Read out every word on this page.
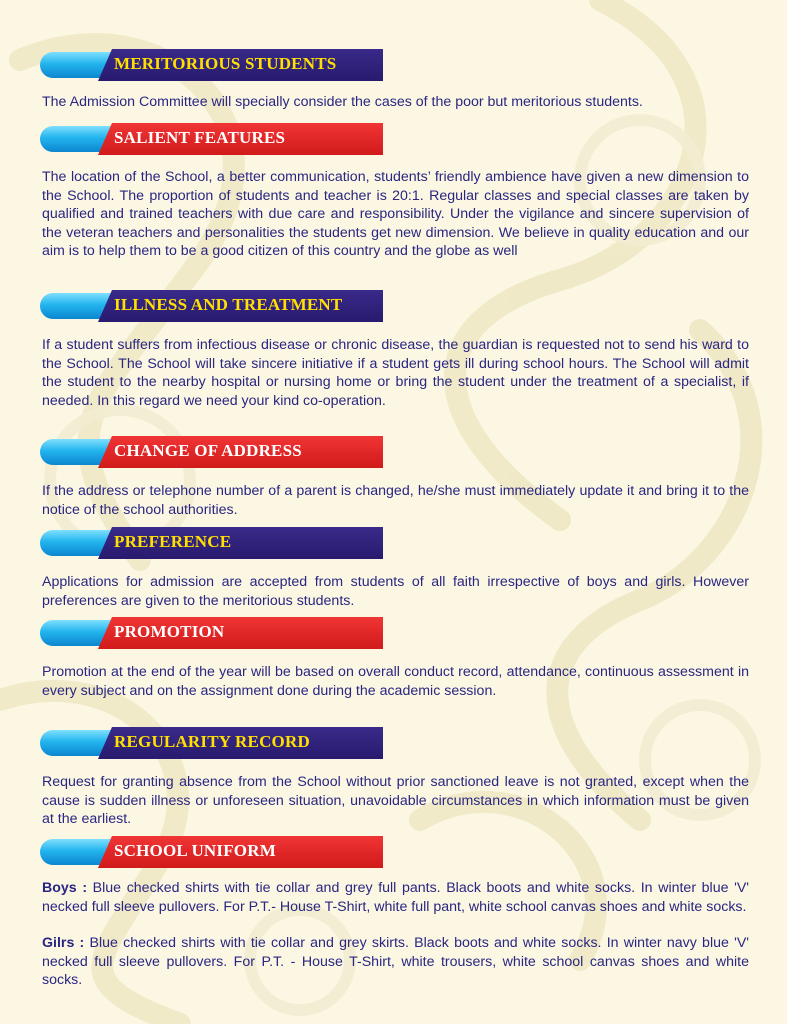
MERITORIOUS STUDENTS

The Admission Committee will specially consider the cases of the poor but meritorious students.

SALIENT FEATURES

The location of the School, a better communication, students’ friendly ambience have given a new dimension to the School. The proportion of students and teacher is 20:1. Regular classes and special classes are taken by qualified and trained teachers with due care and responsibility. Under the vigilance and sincere supervision of the veteran teachers and personalities the students get new dimension. We believe in quality education and our aim is to help them to be a good citizen of this country and the globe as well

ILLNESS AND TREATMENT

If a student suffers from infectious disease or chronic disease, the guardian is requested not to send his ward to the School. The School will take sincere initiative if a student gets ill during school hours. The School will admit the student to the nearby hospital or nursing home or bring the student under the treatment of a specialist, if needed. In this regard we need your kind co-operation.

CHANGE OF ADDRESS

If the address or telephone number of a parent is changed, he/she must immediately update it and bring it to the notice of the school authorities.

PREFERENCE

Applications for admission are accepted from students of all faith irrespective of boys and girls. However preferences are given to the meritorious students.

PROMOTION

Promotion at the end of the year will be based on overall conduct record, attendance, continuous assessment in every subject and on the assignment done during the academic session.

REGULARITY RECORD

Request for granting absence from the School without prior sanctioned leave is not granted, except when the cause is sudden illness or unforeseen situation, unavoidable circumstances in which information must be given at the earliest.

SCHOOL UNIFORM

Boys : Blue checked shirts with tie collar and grey full pants. Black boots and white socks. In winter blue 'V' necked full sleeve pullovers. For P.T.- House T-Shirt, white full pant, white school canvas shoes and white socks.

Gilrs : Blue checked shirts with tie collar and grey skirts. Black boots and white socks. In winter navy blue 'V' necked full sleeve pullovers. For P.T. - House T-Shirt, white trousers, white school canvas shoes and white socks.
